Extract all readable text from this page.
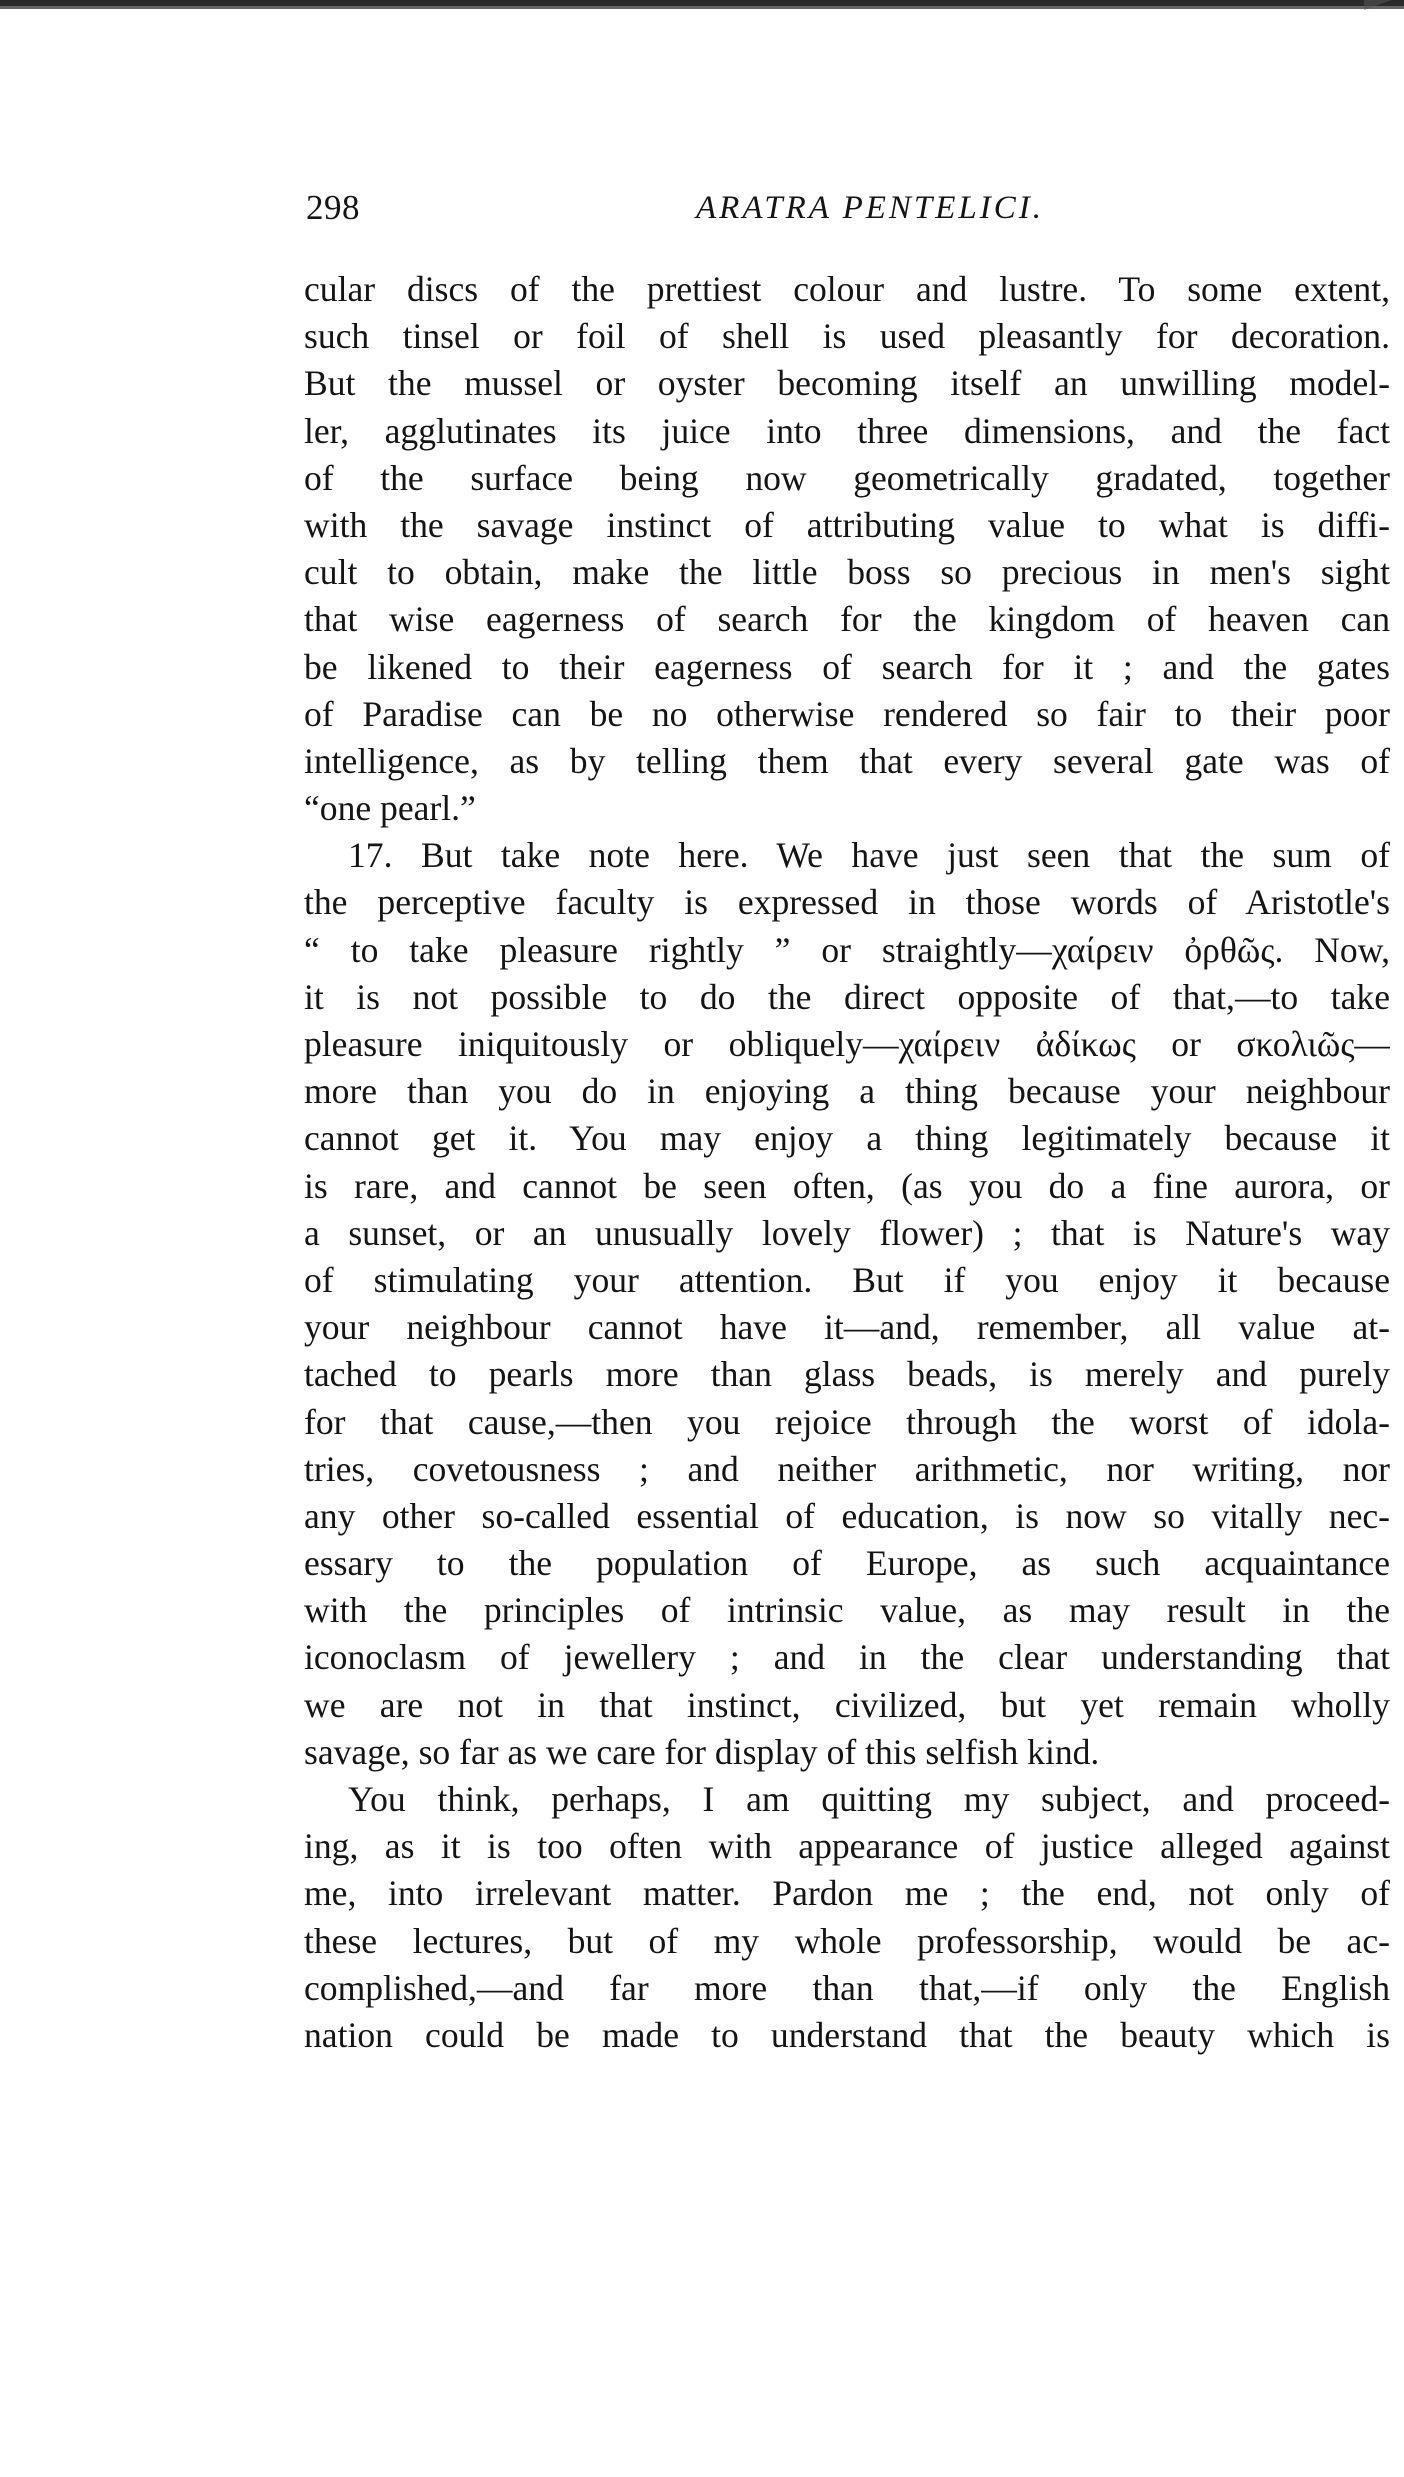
298	ARATRA PENTELICI.
cular discs of the prettiest colour and lustre. To some extent,
such tinsel or foil of shell is used pleasantly for decoration.
But the mussel or oyster becoming itself an unwilling model-
ler, agglutinates its juice into three dimensions, and the fact
of the surface being now geometrically gradated, together
with the savage instinct of attributing value to what is diffi-
cult to obtain, make the little boss so precious in men's sight
that wise eagerness of search for the kingdom of heaven can
be likened to their eagerness of search for it ; and the gates
of Paradise can be no otherwise rendered so fair to their poor
intelligence, as by telling them that every several gate was of
“one pearl.”
17. But take note here. We have just seen that the sum of
the perceptive faculty is expressed in those words of Aristotle's
“ to take pleasure rightly ” or straightly—χαίρειν ὀρθῶς. Now,
it is not possible to do the direct opposite of that,—to take
pleasure iniquitously or obliquely—χαίρειν ἀδίκως or σκολιῶς—
more than you do in enjoying a thing because your neighbour
cannot get it. You may enjoy a thing legitimately because it
is rare, and cannot be seen often, (as you do a fine aurora, or
a sunset, or an unusually lovely flower) ; that is Nature's way
of stimulating your attention. But if you enjoy it because
your neighbour cannot have it—and, remember, all value at-
tached to pearls more than glass beads, is merely and purely
for that cause,—then you rejoice through the worst of idola-
tries, covetousness ; and neither arithmetic, nor writing, nor
any other so-called essential of education, is now so vitally nec-
essary to the population of Europe, as such acquaintance
with the principles of intrinsic value, as may result in the
iconoclasm of jewellery ; and in the clear understanding that
we are not in that instinct, civilized, but yet remain wholly
savage, so far as we care for display of this selfish kind.
You think, perhaps, I am quitting my subject, and proceed-
ing, as it is too often with appearance of justice alleged against
me, into irrelevant matter. Pardon me ; the end, not only of
these lectures, but of my whole professorship, would be ac-
complished,—and far more than that,—if only the English
nation could be made to understand that the beauty which is
